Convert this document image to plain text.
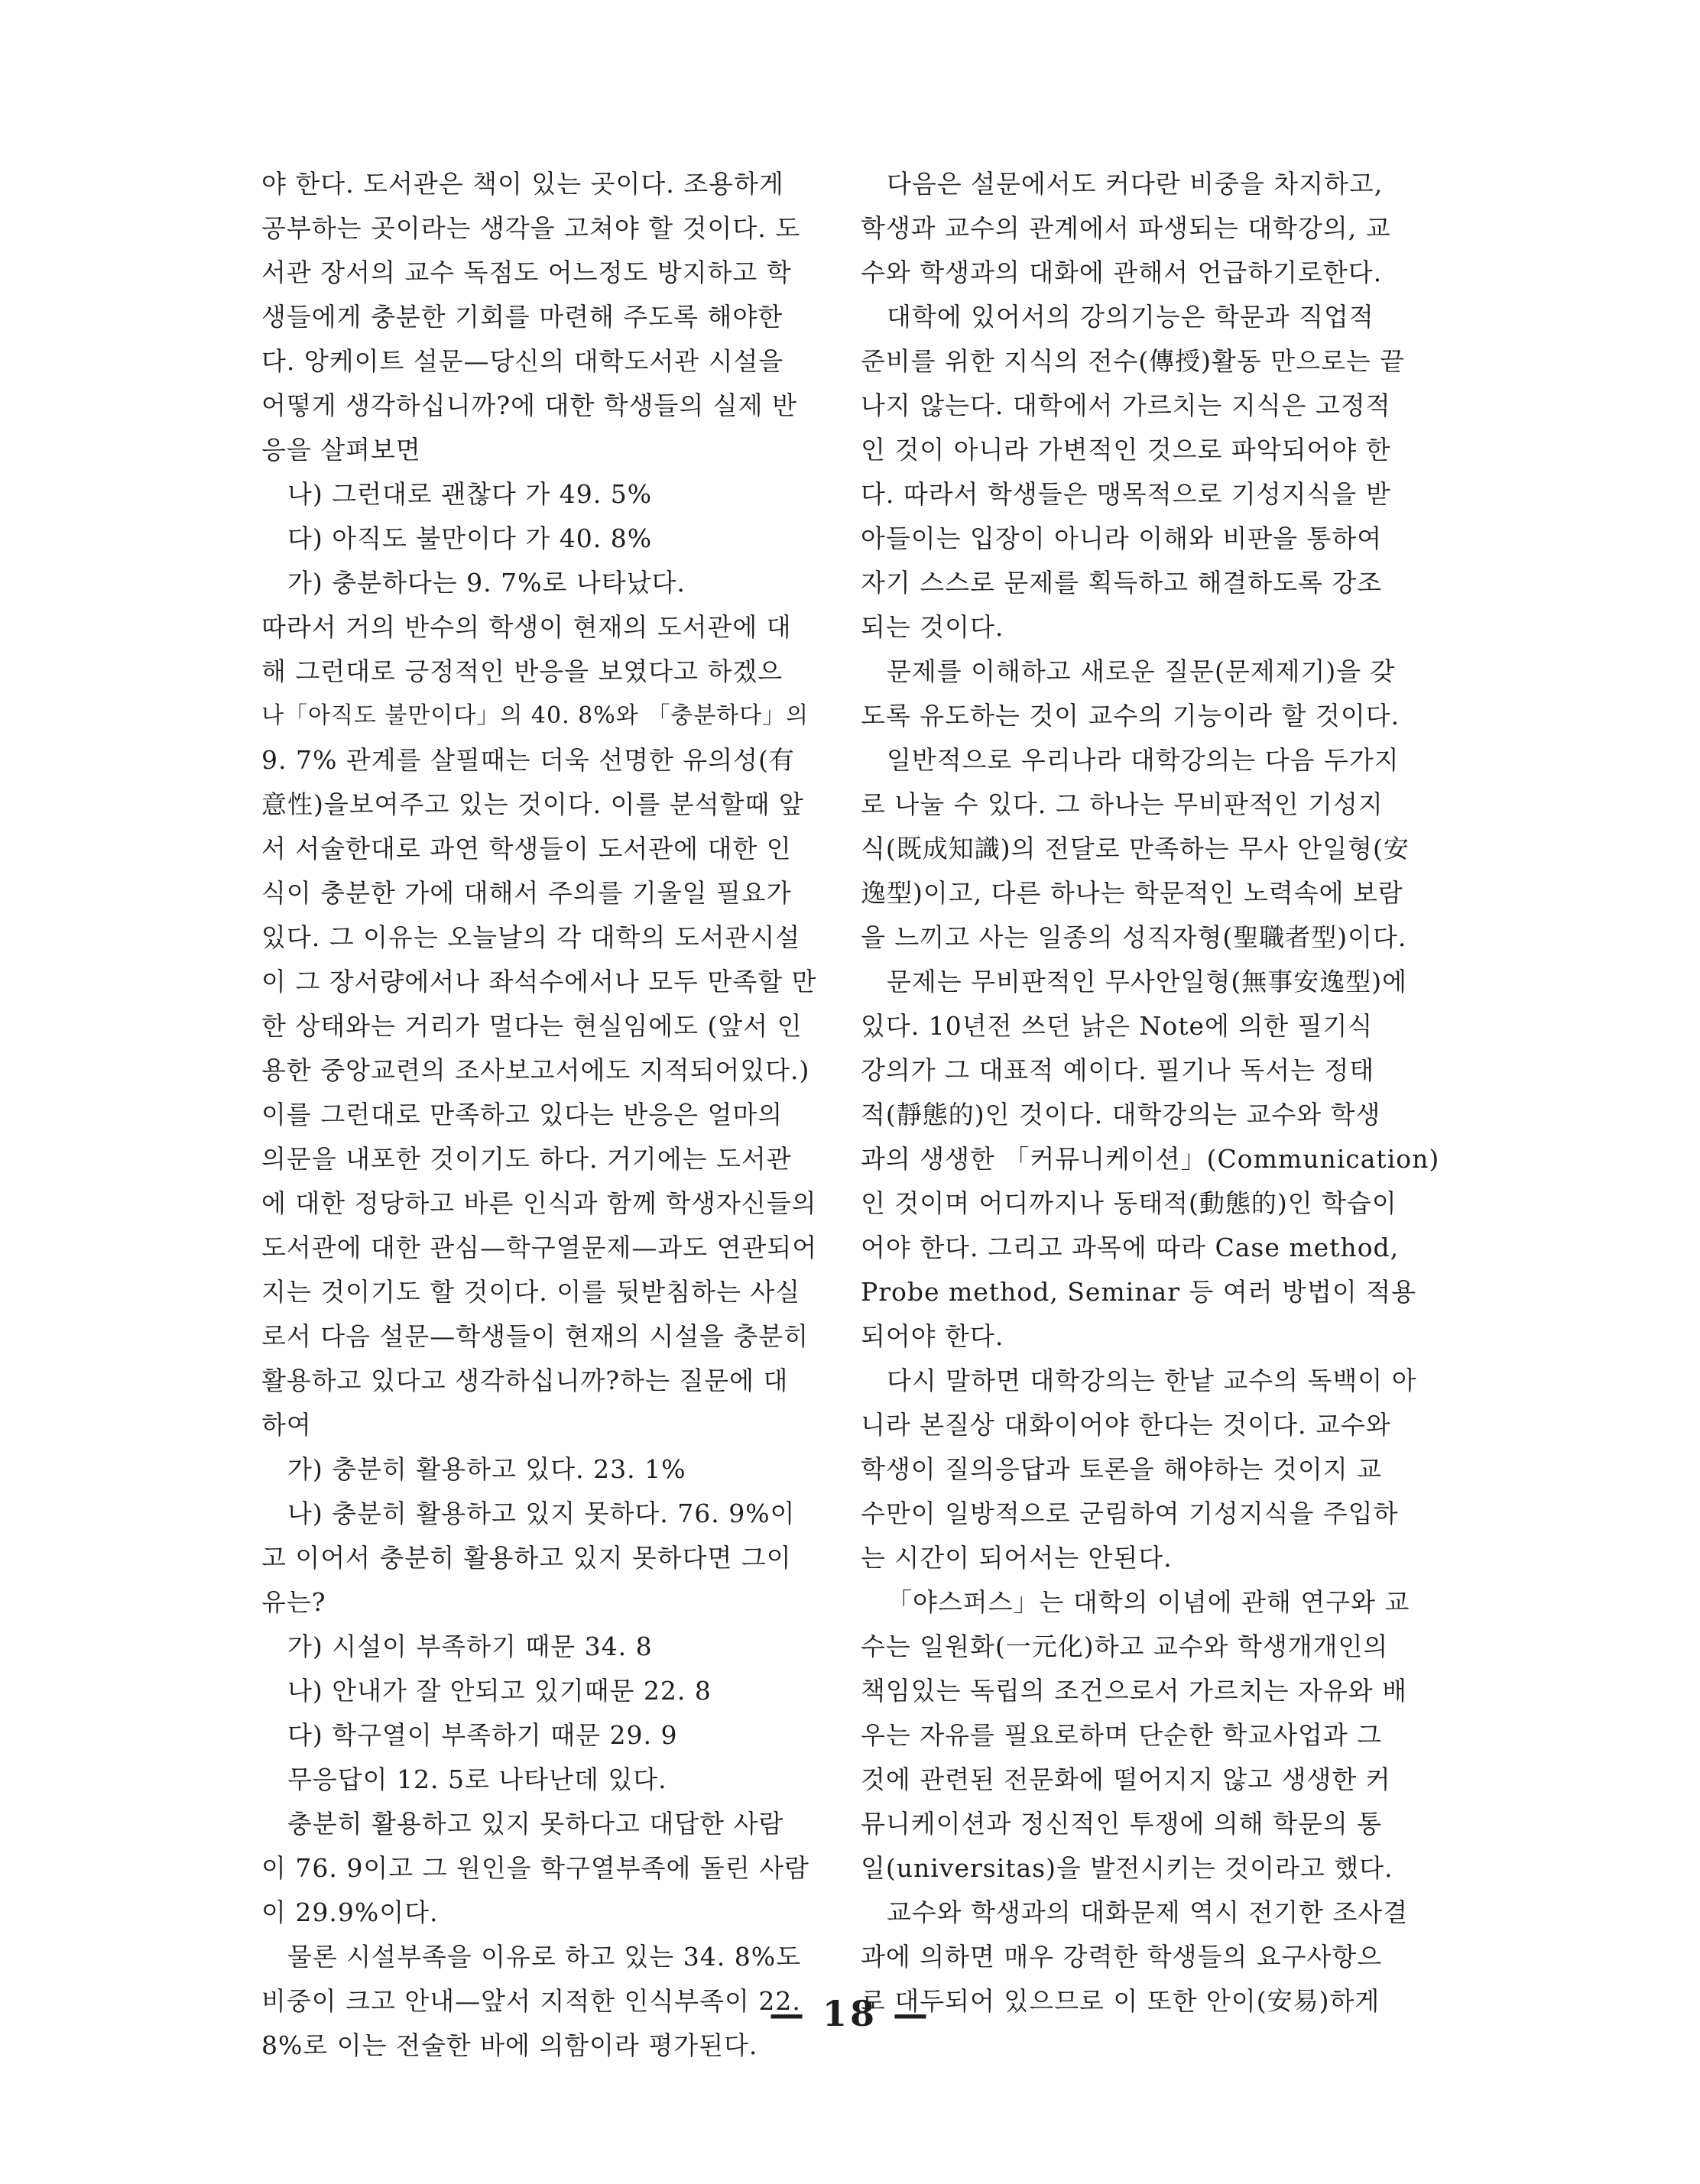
야 한다. 도서관은 책이 있는 곳이다. 조용하게
공부하는 곳이라는 생각을 고쳐야 할 것이다. 도
서관 장서의 교수 독점도 어느정도 방지하고 학
생들에게 충분한 기회를 마련해 주도록 해야한
다. 앙케이트 설문—당신의 대학도서관 시설을
어떻게 생각하십니까?에 대한 학생들의 실제 반
응을 살펴보면
나) 그런대로 괜찮다 가 49. 5%
다) 아직도 불만이다 가 40. 8%
가) 충분하다는 9. 7%로 나타났다.
따라서 거의 반수의 학생이 현재의 도서관에 대
해 그런대로 긍정적인 반응을 보였다고 하겠으
나「아직도 불만이다」의 40. 8%와 「충분하다」의
9. 7% 관계를 살필때는 더욱 선명한 유의성(有
意性)을보여주고 있는 것이다. 이를 분석할때 앞
서 서술한대로 과연 학생들이 도서관에 대한 인
식이 충분한 가에 대해서 주의를 기울일 필요가
있다. 그 이유는 오늘날의 각 대학의 도서관시설
이 그 장서량에서나 좌석수에서나 모두 만족할 만
한 상태와는 거리가 멀다는 현실임에도 (앞서 인
용한 중앙교련의 조사보고서에도 지적되어있다.)
이를 그런대로 만족하고 있다는 반응은 얼마의
의문을 내포한 것이기도 하다. 거기에는 도서관
에 대한 정당하고 바른 인식과 함께 학생자신들의
도서관에 대한 관심—학구열문제—과도 연관되어
지는 것이기도 할 것이다. 이를 뒷받침하는 사실
로서 다음 설문—학생들이 현재의 시설을 충분히
활용하고 있다고 생각하십니까?하는 질문에 대
하여
가) 충분히 활용하고 있다. 23. 1%
나) 충분히 활용하고 있지 못하다. 76. 9%이
고 이어서 충분히 활용하고 있지 못하다면 그이
유는?
가) 시설이 부족하기 때문 34. 8
나) 안내가 잘 안되고 있기때문 22. 8
다) 학구열이 부족하기 때문 29. 9
무응답이 12. 5로 나타난데 있다.
충분히 활용하고 있지 못하다고 대답한 사람
이 76. 9이고 그 원인을 학구열부족에 돌린 사람
이 29.9%이다.
물론 시설부족을 이유로 하고 있는 34. 8%도
비중이 크고 안내—앞서 지적한 인식부족이 22.
8%로 이는 전술한 바에 의함이라 평가된다.
다음은 설문에서도 커다란 비중을 차지하고,
학생과 교수의 관계에서 파생되는 대학강의, 교
수와 학생과의 대화에 관해서 언급하기로한다.
대학에 있어서의 강의기능은 학문과 직업적
준비를 위한 지식의 전수(傳授)활동 만으로는 끝
나지 않는다. 대학에서 가르치는 지식은 고정적
인 것이 아니라 가변적인 것으로 파악되어야 한
다. 따라서 학생들은 맹목적으로 기성지식을 받
아들이는 입장이 아니라 이해와 비판을 통하여
자기 스스로 문제를 획득하고 해결하도록 강조
되는 것이다.
문제를 이해하고 새로운 질문(문제제기)을 갖
도록 유도하는 것이 교수의 기능이라 할 것이다.
일반적으로 우리나라 대학강의는 다음 두가지
로 나눌 수 있다. 그 하나는 무비판적인 기성지
식(既成知識)의 전달로 만족하는 무사 안일형(安
逸型)이고, 다른 하나는 학문적인 노력속에 보람
을 느끼고 사는 일종의 성직자형(聖職者型)이다.
문제는 무비판적인 무사안일형(無事安逸型)에
있다. 10년전 쓰던 낡은 Note에 의한 필기식
강의가 그 대표적 예이다. 필기나 독서는 정태
적(靜態的)인 것이다. 대학강의는 교수와 학생
과의 생생한 「커뮤니케이션」(Communication)
인 것이며 어디까지나 동태적(動態的)인 학습이
어야 한다. 그리고 과목에 따라 Case method,
Probe method, Seminar 등 여러 방법이 적용
되어야 한다.
다시 말하면 대학강의는 한낱 교수의 독백이 아
니라 본질상 대화이어야 한다는 것이다. 교수와
학생이 질의응답과 토론을 해야하는 것이지 교
수만이 일방적으로 군림하여 기성지식을 주입하
는 시간이 되어서는 안된다.
「야스퍼스」는 대학의 이념에 관해 연구와 교
수는 일원화(一元化)하고 교수와 학생개개인의
책임있는 독립의 조건으로서 가르치는 자유와 배
우는 자유를 필요로하며 단순한 학교사업과 그
것에 관련된 전문화에 떨어지지 않고 생생한 커
뮤니케이션과 정신적인 투쟁에 의해 학문의 통
일(universitas)을 발전시키는 것이라고 했다.
교수와 학생과의 대화문제 역시 전기한 조사결
과에 의하면 매우 강력한 학생들의 요구사항으
로 대두되어 있으므로 이 또한 안이(安易)하게
— 18 —
